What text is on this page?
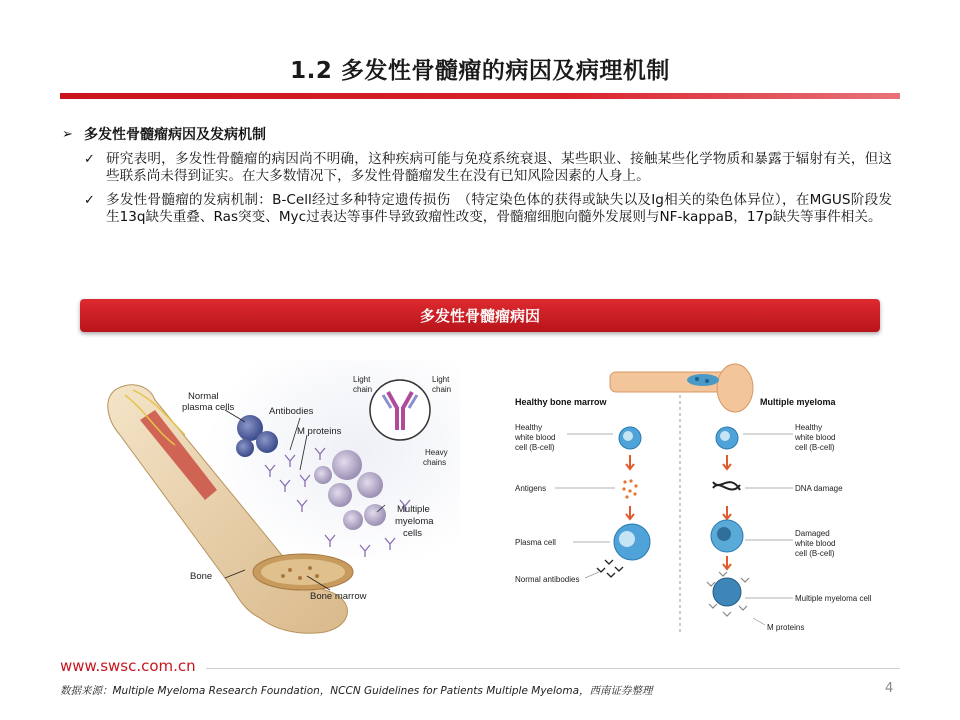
1.2 多发性骨髓瘤的病因及病理机制
➢ 多发性骨髓瘤病因及发病机制
✓ 研究表明，多发性骨髓瘤的病因尚不明确，这种疾病可能与免疫系统衰退、某些职业、接触某些化学物质和暴露于辐射有关，但这些联系尚未得到证实。在大多数情况下，多发性骨髓瘤发生在没有已知风险因素的人身上。
✓ 多发性骨髓瘤的发病机制：B-Cell经过多种特定遗传损伤　（特定染色体的获得或缺失以及Ig相关的染色体异位），在MGUS阶段发生13q缺失重叠、Ras突变、Myc过表达等事件导致致瘤性改变，骨髓瘤细胞向髓外发展则与NF-kappaB，17p缺失等事件相关。
多发性骨髓瘤病因
Normal
plasma cells	Antibodies
M proteins
Light
chain
Light
chain
Heavy
chains
Multiple
myeloma
cells
Bone
Bone marrow
Healthy bone marrow	Multiple myeloma
Healthy
white blood
cell (B-cell)
Antigens
Plasma cell
Normal antibodies
Healthy
white blood
cell (B-cell)
DNA damage
Damaged
white blood
cell (B-cell)
Multiple myeloma cell
M proteins
www.swsc.com.cn
数据来源：Multiple Myeloma Research Foundation，NCCN Guidelines for Patients Multiple Myeloma，西南证券整理	4
